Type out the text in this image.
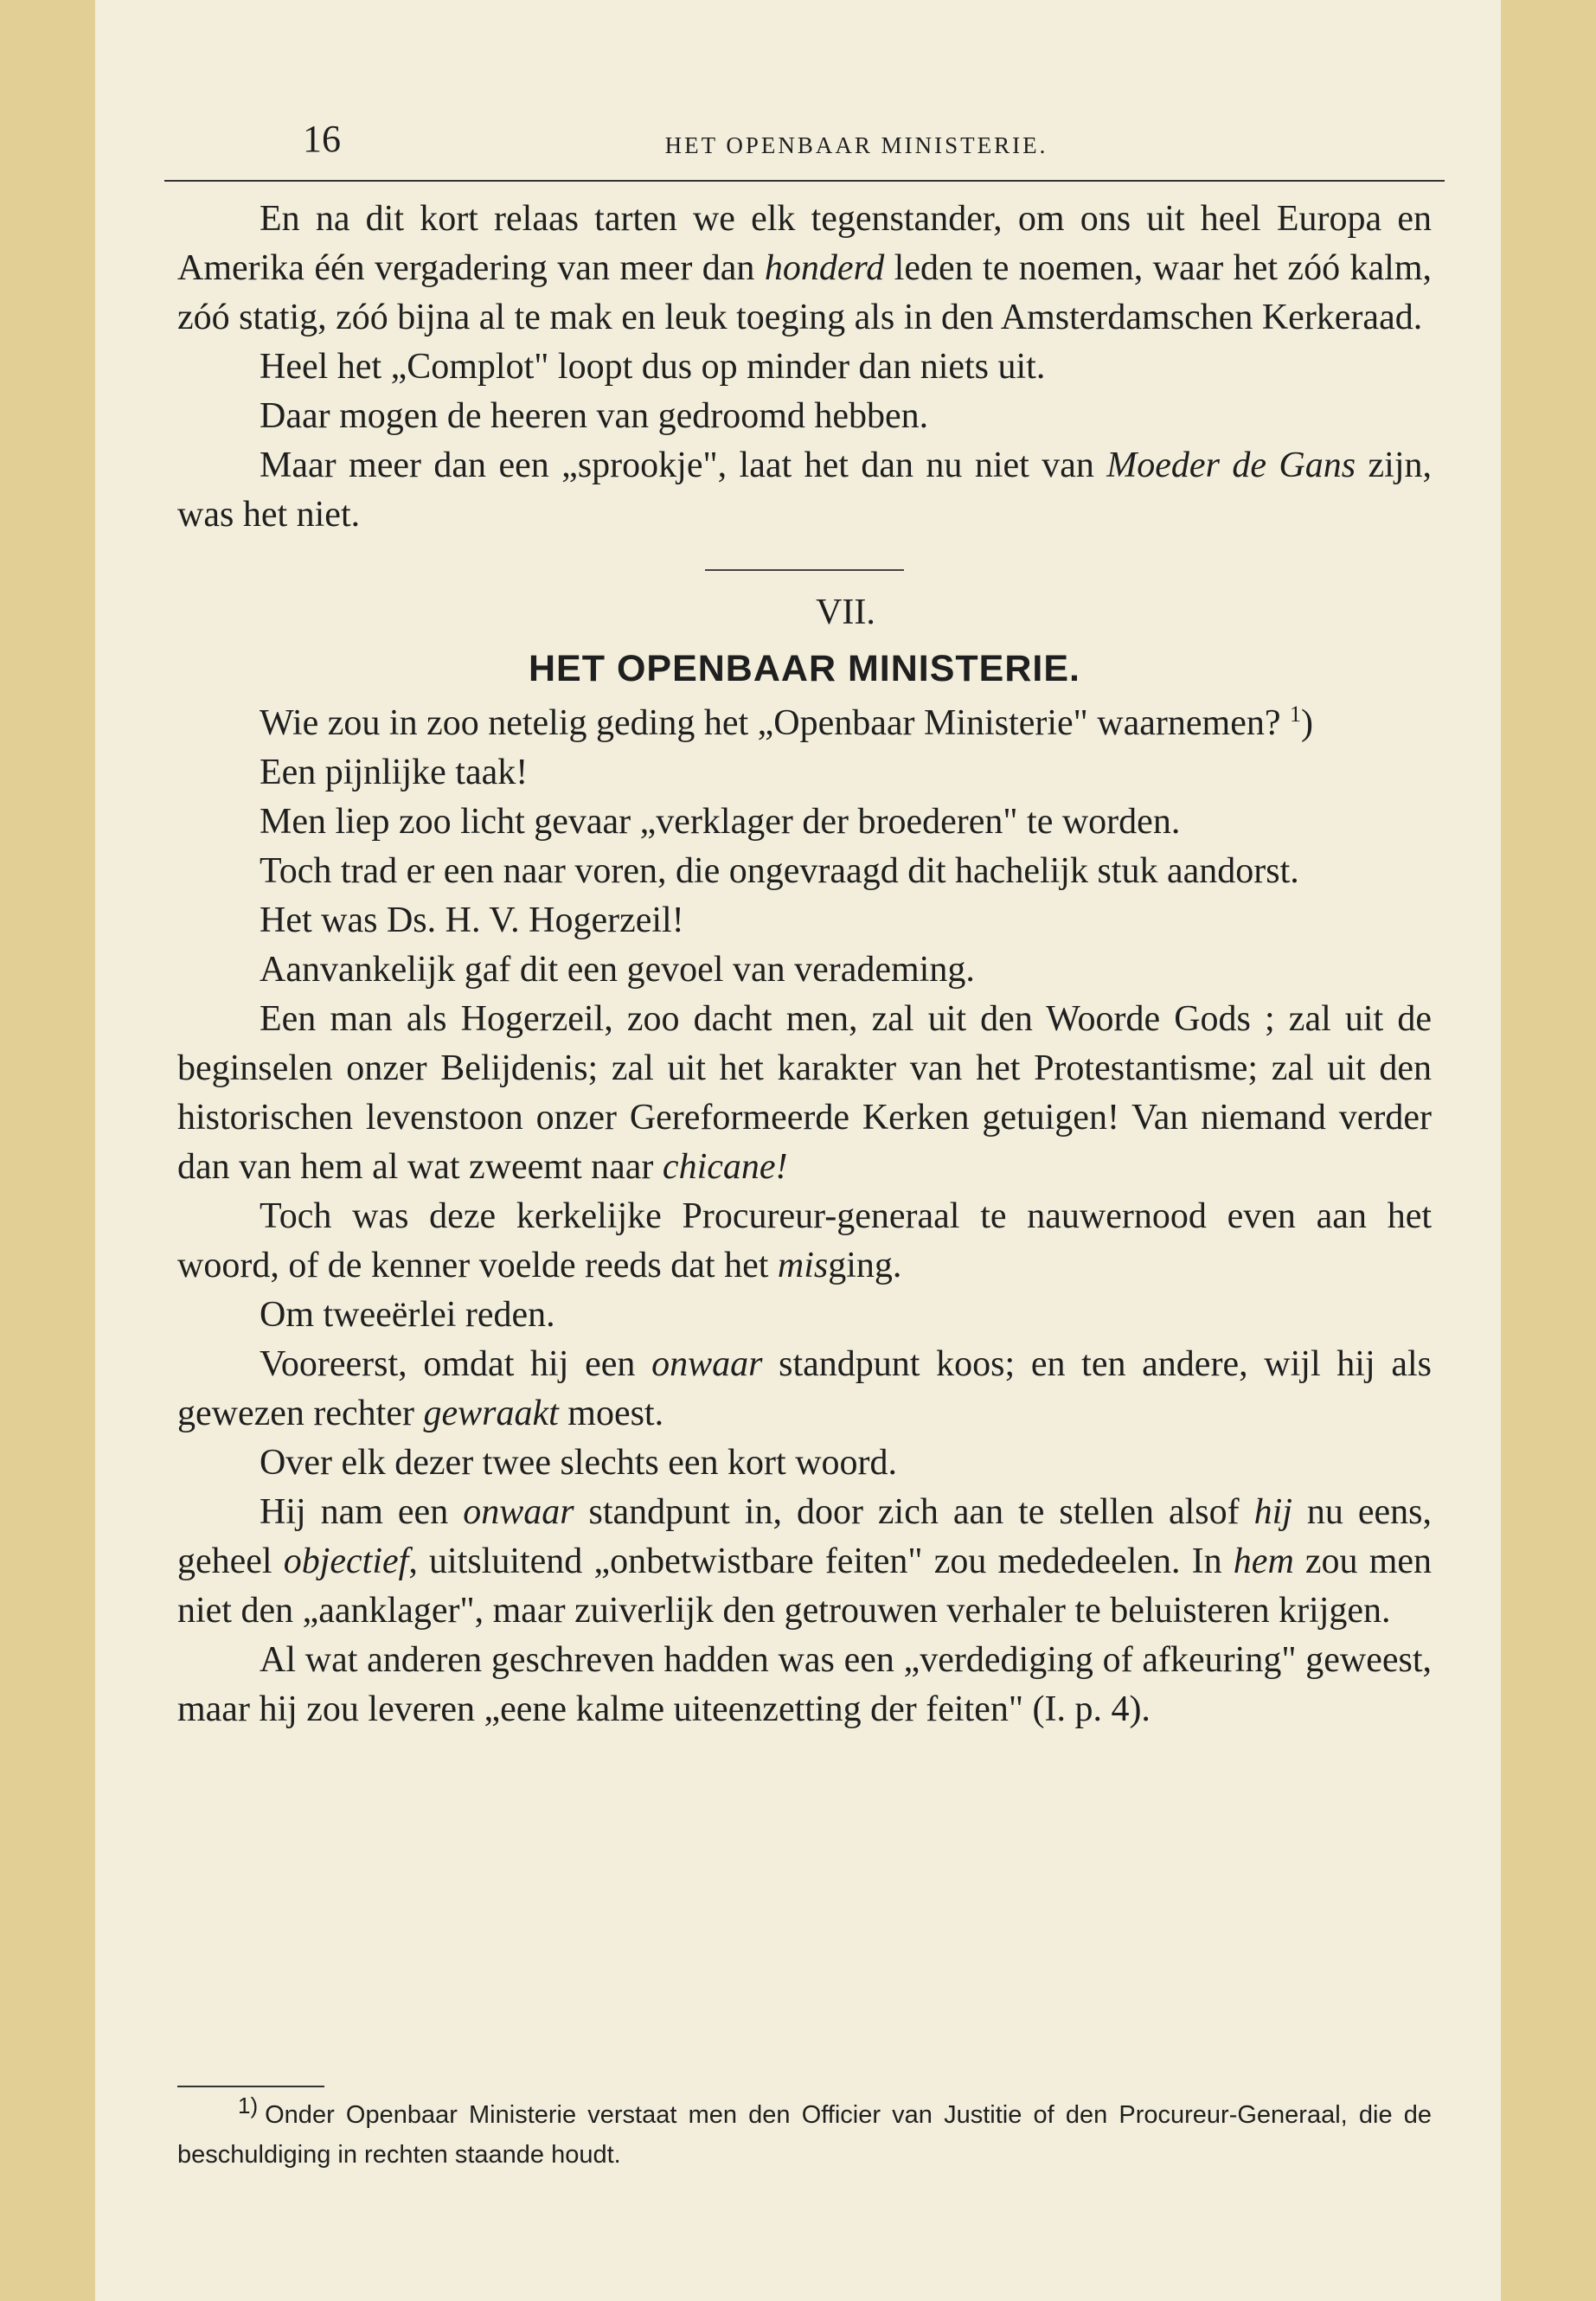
16	HET OPENBAAR MINISTERIE.

En na dit kort relaas tarten we elk tegenstander, om ons uit heel Europa en Amerika één vergadering van meer dan honderd leden te noemen, waar het zóó kalm, zóó statig, zóó bijna al te mak en leuk toeging als in den Amsterdamschen Kerkeraad.

Heel het „Complot" loopt dus op minder dan niets uit.

Daar mogen de heeren van gedroomd hebben.

Maar meer dan een „sprookje", laat het dan nu niet van Moeder de Gans zijn, was het niet.

VII.

HET OPENBAAR MINISTERIE.

Wie zou in zoo netelig geding het „Openbaar Ministerie" waarnemen? $^1$)

Een pijnlijke taak!

Men liep zoo licht gevaar „verklager der broederen" te worden.

Toch trad er een naar voren, die ongevraagd dit hachelijk stuk aandorst.

Het was Ds. H. V. Hogerzeil!

Aanvankelijk gaf dit een gevoel van verademing.

Een man als Hogerzeil, zoo dacht men, zal uit den Woorde Gods ; zal uit de beginselen onzer Belijdenis; zal uit het karakter van het Protestantisme; zal uit den historischen levenstoon onzer Gereformeerde Kerken getuigen! Van niemand verder dan van hem al wat zweemt naar chicane!

Toch was deze kerkelijke Procureur-generaal te nauwernood even aan het woord, of de kenner voelde reeds dat het misging.

Om tweeërlei reden.

Vooreerst, omdat hij een onwaar standpunt koos; en ten andere, wijl hij als gewezen rechter gewraakt moest.

Over elk dezer twee slechts een kort woord.

Hij nam een onwaar standpunt in, door zich aan te stellen alsof hij nu eens, geheel objectief, uitsluitend „onbetwistbare feiten" zou mededeelen. In hem zou men niet den „aanklager", maar zuiverlijk den getrouwen verhaler te beluisteren krijgen.

Al wat anderen geschreven hadden was een „verdediging of afkeuring" geweest, maar hij zou leveren „eene kalme uiteenzetting der feiten" (I. p. 4).

$^{1)}$ Onder Openbaar Ministerie verstaat men den Officier van Justitie of den Procureur-Generaal, die de beschuldiging in rechten staande houdt.
